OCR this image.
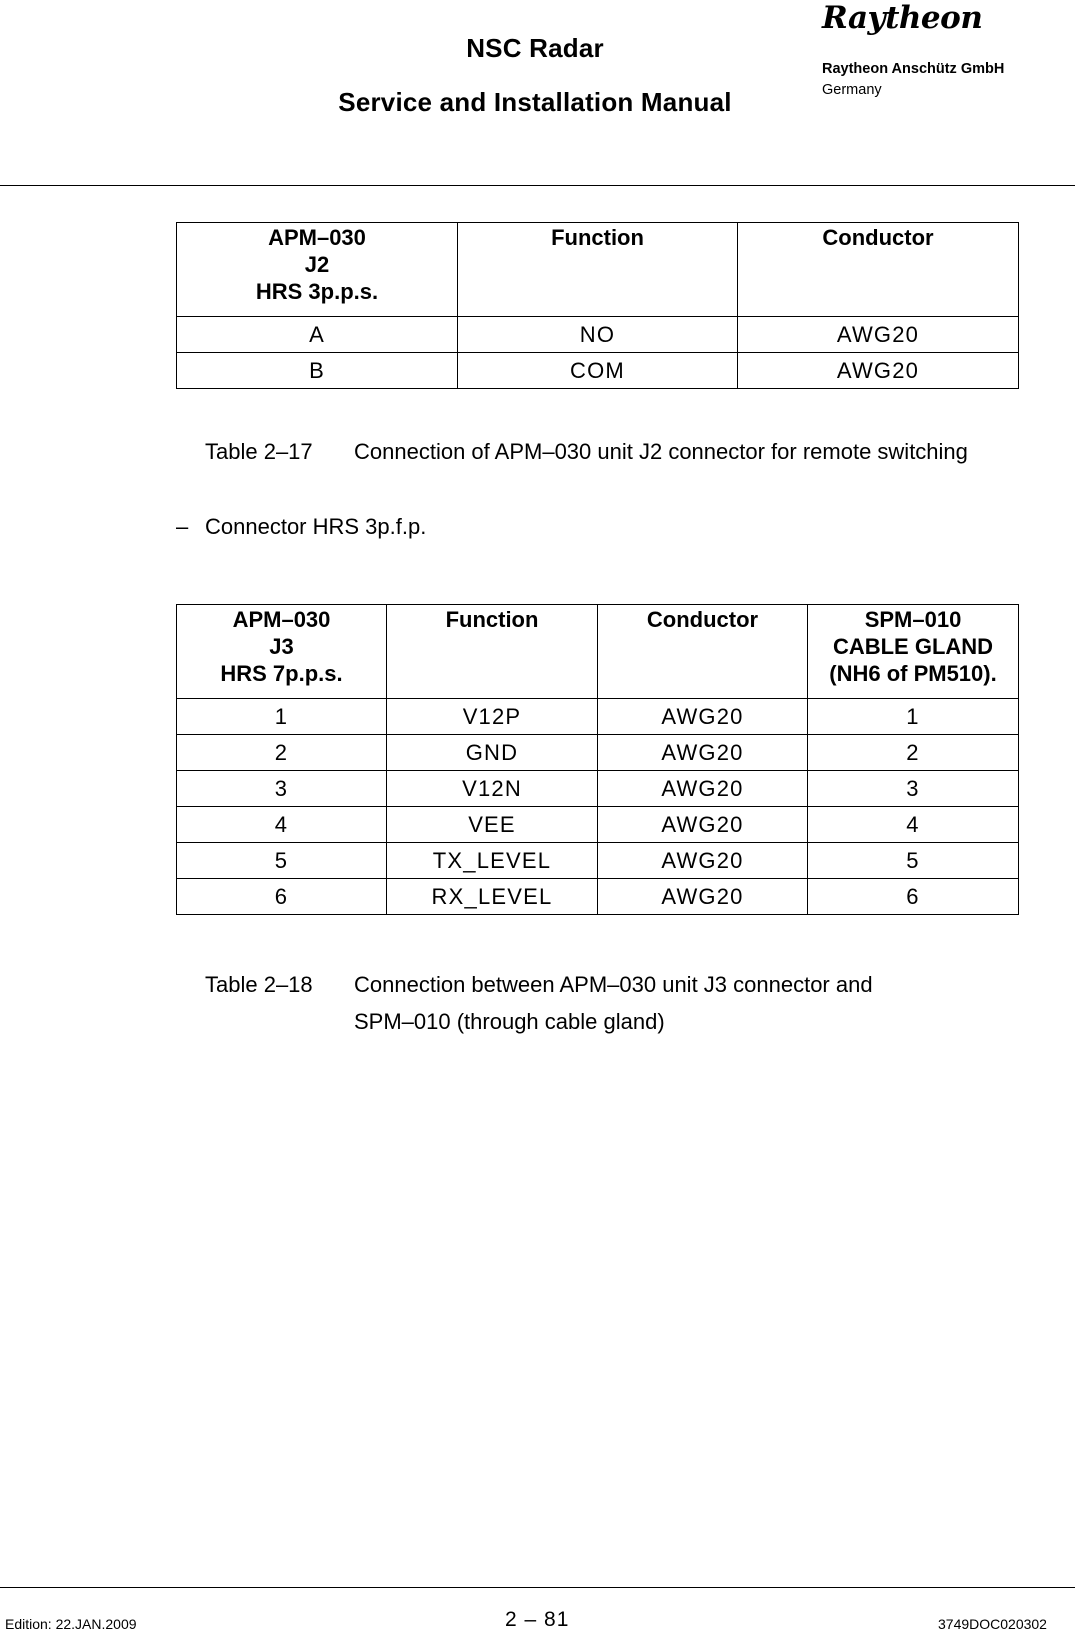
NSC Radar
Service and Installation Manual
Raytheon
Raytheon Anschütz GmbH
Germany
APM–030
J2
HRS 3p.p.s.	Function	Conductor

A	NO	AWG20
B	COM	AWG20
Table 2–17 Connection of APM–030 unit J2 connector for remote switching
– Connector HRS 3p.f.p.
APM–030
J3
HRS 7p.p.s.	Function	Conductor	SPM–010
CABLE GLAND
(NH6 of PM510).

1	V12P	AWG20	1
2	GND	AWG20	2
3	V12N	AWG20	3
4	VEE	AWG20	4
5	TX_LEVEL	AWG20	5
6	RX_LEVEL	AWG20	6
Table 2–18 Connection between APM–030 unit J3 connector and
SPM–010 (through cable gland)
Edition: 22.JAN.2009	2 – 81	3749DOC020302
